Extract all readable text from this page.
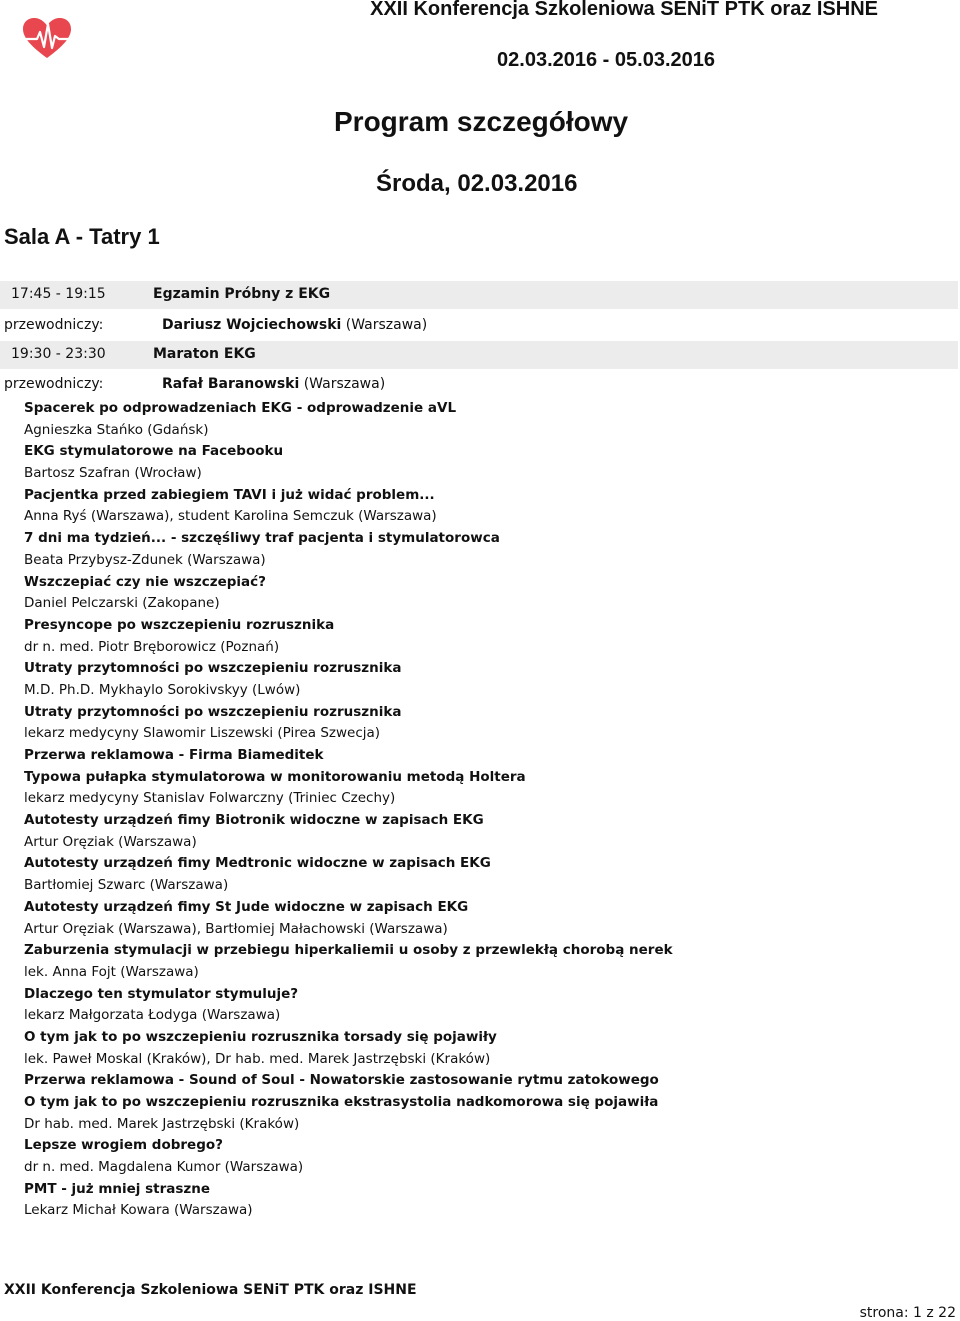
XXII Konferencja Szkoleniowa SENiT PTK oraz ISHNE
02.03.2016 - 05.03.2016
Program szczegółowy
Środa, 02.03.2016
Sala A - Tatry 1
17:45 - 19:15	Egzamin Próbny z EKG
przewodniczy:	Dariusz Wojciechowski (Warszawa)
19:30 - 23:30	Maraton EKG
przewodniczy:	Rafał Baranowski (Warszawa)
Spacerek po odprowadzeniach EKG - odprowadzenie aVL
Agnieszka Stańko (Gdańsk)
EKG stymulatorowe na Facebooku
Bartosz Szafran (Wrocław)
Pacjentka przed zabiegiem TAVI i już widać problem...
Anna Ryś (Warszawa), student Karolina Semczuk (Warszawa)
7 dni ma tydzień... - szczęśliwy traf pacjenta i stymulatorowca
Beata Przybysz-Zdunek (Warszawa)
Wszczepiać czy nie wszczepiać?
Daniel Pelczarski (Zakopane)
Presyncope po wszczepieniu rozrusznika
dr n. med. Piotr Bręborowicz (Poznań)
Utraty przytomności po wszczepieniu rozrusznika
M.D. Ph.D. Mykhaylo Sorokivskyy (Lwów)
Utraty przytomności po wszczepieniu rozrusznika
lekarz medycyny Slawomir Liszewski (Pirea Szwecja)
Przerwa reklamowa - Firma Biameditek
Typowa pułapka stymulatorowa w monitorowaniu metodą Holtera
lekarz medycyny Stanislav Folwarczny (Triniec Czechy)
Autotesty urządzeń fimy Biotronik widoczne w zapisach EKG
Artur Oręziak (Warszawa)
Autotesty urządzeń fimy Medtronic widoczne w zapisach EKG
Bartłomiej Szwarc (Warszawa)
Autotesty urządzeń fimy St Jude widoczne w zapisach EKG
Artur Oręziak (Warszawa), Bartłomiej Małachowski (Warszawa)
Zaburzenia stymulacji w przebiegu hiperkaliemii u osoby z przewlekłą chorobą nerek
lek. Anna Fojt (Warszawa)
Dlaczego ten stymulator stymuluje?
lekarz Małgorzata Łodyga (Warszawa)
O tym jak to po wszczepieniu rozrusznika torsady się pojawiły
lek. Paweł Moskal (Kraków), Dr hab. med. Marek Jastrzębski (Kraków)
Przerwa reklamowa - Sound of Soul - Nowatorskie zastosowanie rytmu zatokowego
O tym jak to po wszczepieniu rozrusznika ekstrasystolia nadkomorowa się pojawiła
Dr hab. med. Marek Jastrzębski (Kraków)
Lepsze wrogiem dobrego?
dr n. med. Magdalena Kumor (Warszawa)
PMT - już mniej straszne
Lekarz Michał Kowara (Warszawa)
XXII Konferencja Szkoleniowa SENiT PTK oraz ISHNE
strona: 1 z 22
